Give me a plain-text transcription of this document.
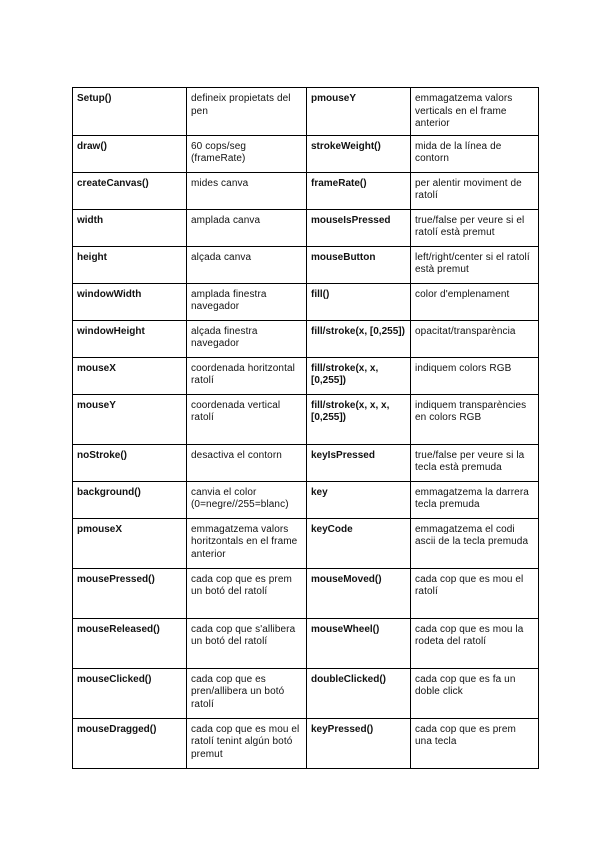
Setup()	defineix propietats del pen	pmouseY	emmagatzema valors verticals en el frame anterior
draw()	60 cops/seg (frameRate)	strokeWeight()	mida de la línea de contorn
createCanvas()	mides canva	frameRate()	per alentir moviment de ratolí
width	amplada canva	mouseIsPressed	true/false per veure si el ratolí està premut
height	alçada canva	mouseButton	left/right/center si el ratolí està premut
windowWidth	amplada finestra navegador	fill()	color d'emplenament
windowHeight	alçada finestra navegador	fill/stroke(x, [0,255])	opacitat/transparència
mouseX	coordenada horitzontal ratolí	fill/stroke(x, x, [0,255])	indiquem colors RGB
mouseY	coordenada vertical ratolí	fill/stroke(x, x, x, [0,255])	indiquem transparències en colors RGB
noStroke()	desactiva el contorn	keyIsPressed	true/false per veure si la tecla està premuda
background()	canvia el color (0=negre//255=blanc)	key	emmagatzema la darrera tecla premuda
pmouseX	emmagatzema valors horitzontals en el frame anterior	keyCode	emmagatzema el codi ascii de la tecla premuda
mousePressed()	cada cop que es prem un botó del ratolí	mouseMoved()	cada cop que es mou el ratolí
mouseReleased()	cada cop que s'allibera un botó del ratolí	mouseWheel()	cada cop que es mou la rodeta del ratolí
mouseClicked()	cada cop que es pren/allibera un botó ratolí	doubleClicked()	cada cop que es fa un doble click
mouseDragged()	cada cop que es mou el ratolí tenint algún botó premut	keyPressed()	cada cop que es prem una tecla
